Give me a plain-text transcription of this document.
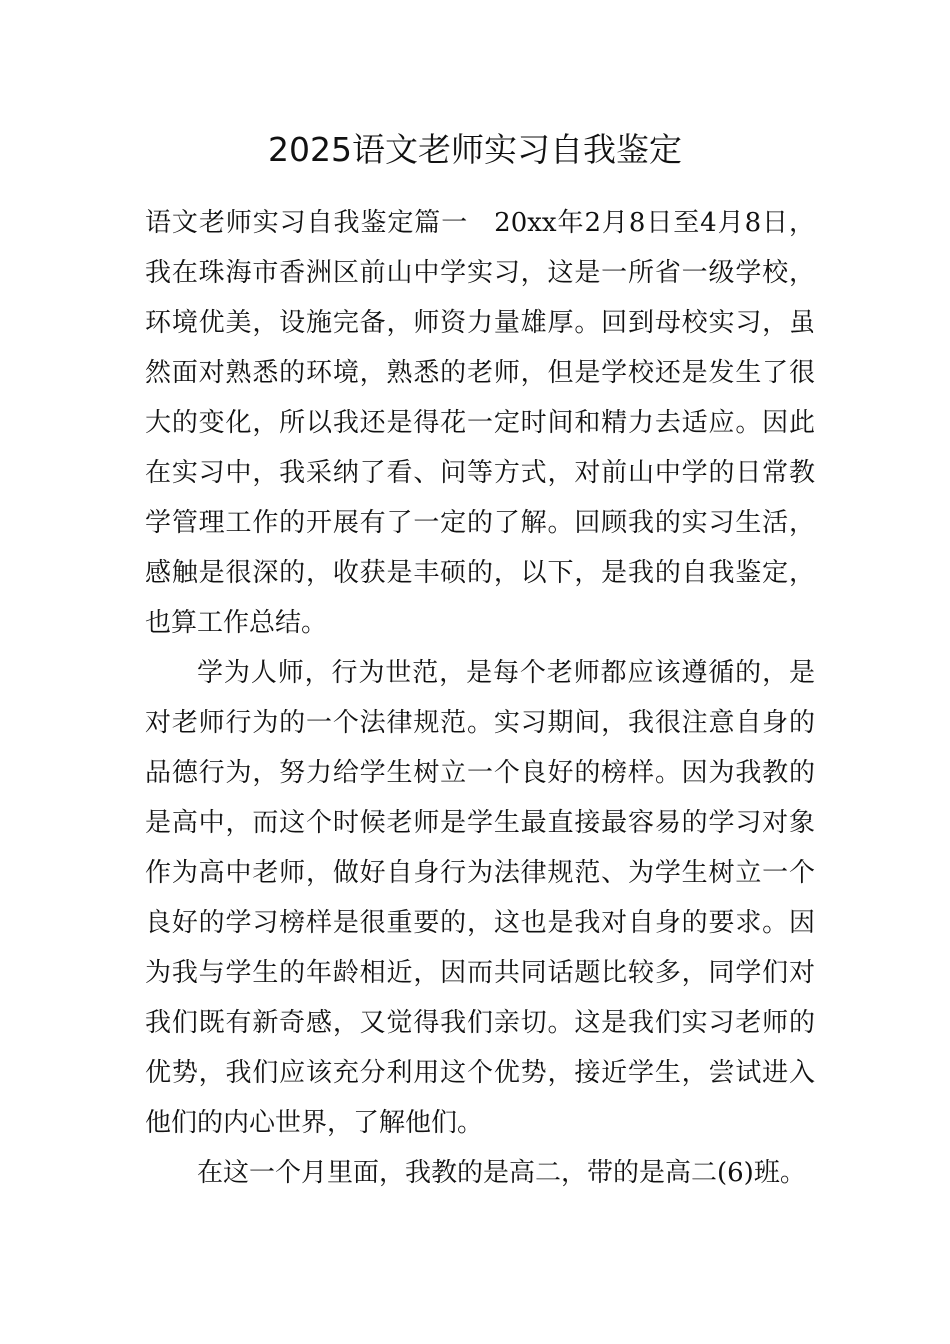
2025语文老师实习自我鉴定

语文老师实习自我鉴定篇一 20xx年2月8日至4月8日，我在珠海市香洲区前山中学实习，这是一所省一级学校，环境优美，设施完备，师资力量雄厚。回到母校实习，虽然面对熟悉的环境，熟悉的老师，但是学校还是发生了很大的变化，所以我还是得花一定时间和精力去适应。因此在实习中，我采纳了看、问等方式，对前山中学的日常教学管理工作的开展有了一定的了解。回顾我的实习生活，感触是很深的，收获是丰硕的，以下，是我的自我鉴定，也算工作总结。

学为人师，行为世范，是每个老师都应该遵循的，是对老师行为的一个法律规范。实习期间，我很注意自身的品德行为，努力给学生树立一个良好的榜样。因为我教的是高中，而这个时候老师是学生最直接最容易的学习对象作为高中老师，做好自身行为法律规范、为学生树立一个良好的学习榜样是很重要的，这也是我对自身的要求。因为我与学生的年龄相近，因而共同话题比较多，同学们对我们既有新奇感，又觉得我们亲切。这是我们实习老师的优势，我们应该充分利用这个优势，接近学生，尝试进入他们的内心世界，了解他们。

在这一个月里面，我教的是高二，带的是高二(6)班。
